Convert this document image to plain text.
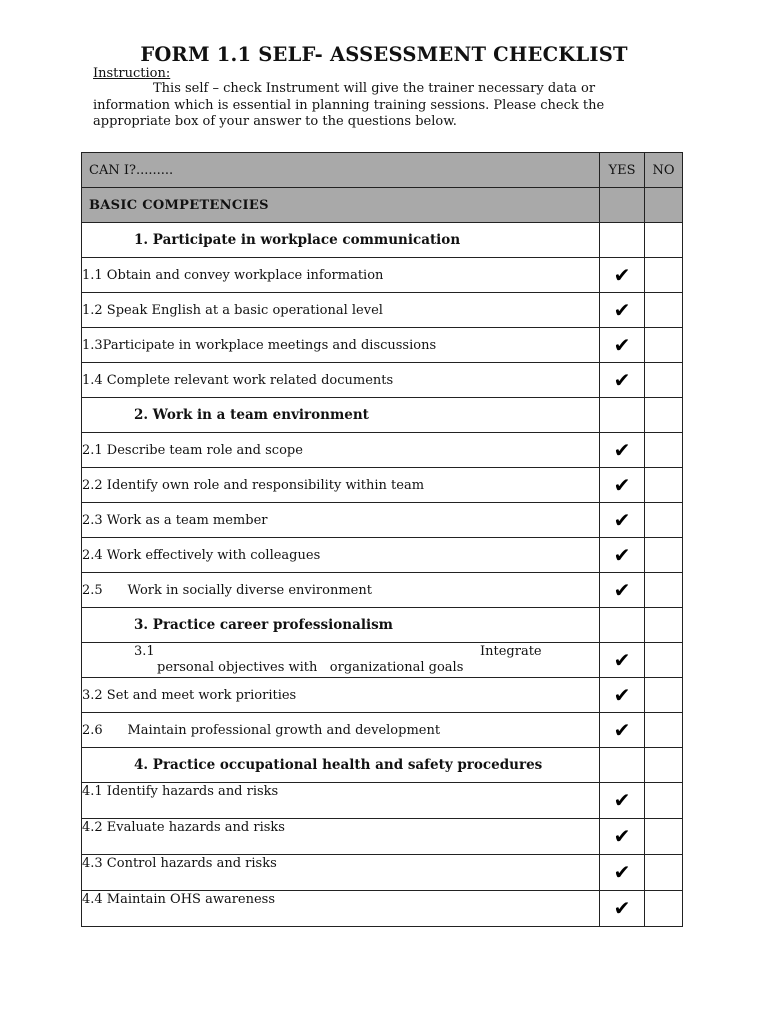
FORM 1.1 SELF- ASSESSMENT CHECKLIST
Instruction:
This self – check Instrument will give the trainer necessary data or information which is essential in planning training sessions. Please check the appropriate box of your answer to the questions below.
CAN I?.........	YES	NO
BASIC COMPETENCIES		
1. Participate in workplace communication		
1.1 Obtain and convey workplace information	✔	
1.2 Speak English at a basic operational level	✔	
1.3Participate in workplace meetings and discussions	✔	
1.4 Complete relevant work related documents	✔	
2. Work in a team environment		
2.1 Describe team role and scope	✔	
2.2 Identify own role and responsibility within team	✔	
2.3 Work as a team member	✔	
2.4 Work effectively with colleagues	✔	
2.5      Work in socially diverse environment	✔	
3. Practice career professionalism		

3.1 Integrate
personal objectives with   organizational goals	✔	
3.2 Set and meet work priorities	✔	
2.6      Maintain professional growth and development	✔	
4. Practice occupational health and safety procedures		
4.1 Identify hazards and risks	✔	
4.2 Evaluate hazards and risks	✔	
4.3 Control hazards and risks	✔	
4.4 Maintain OHS awareness	✔	
